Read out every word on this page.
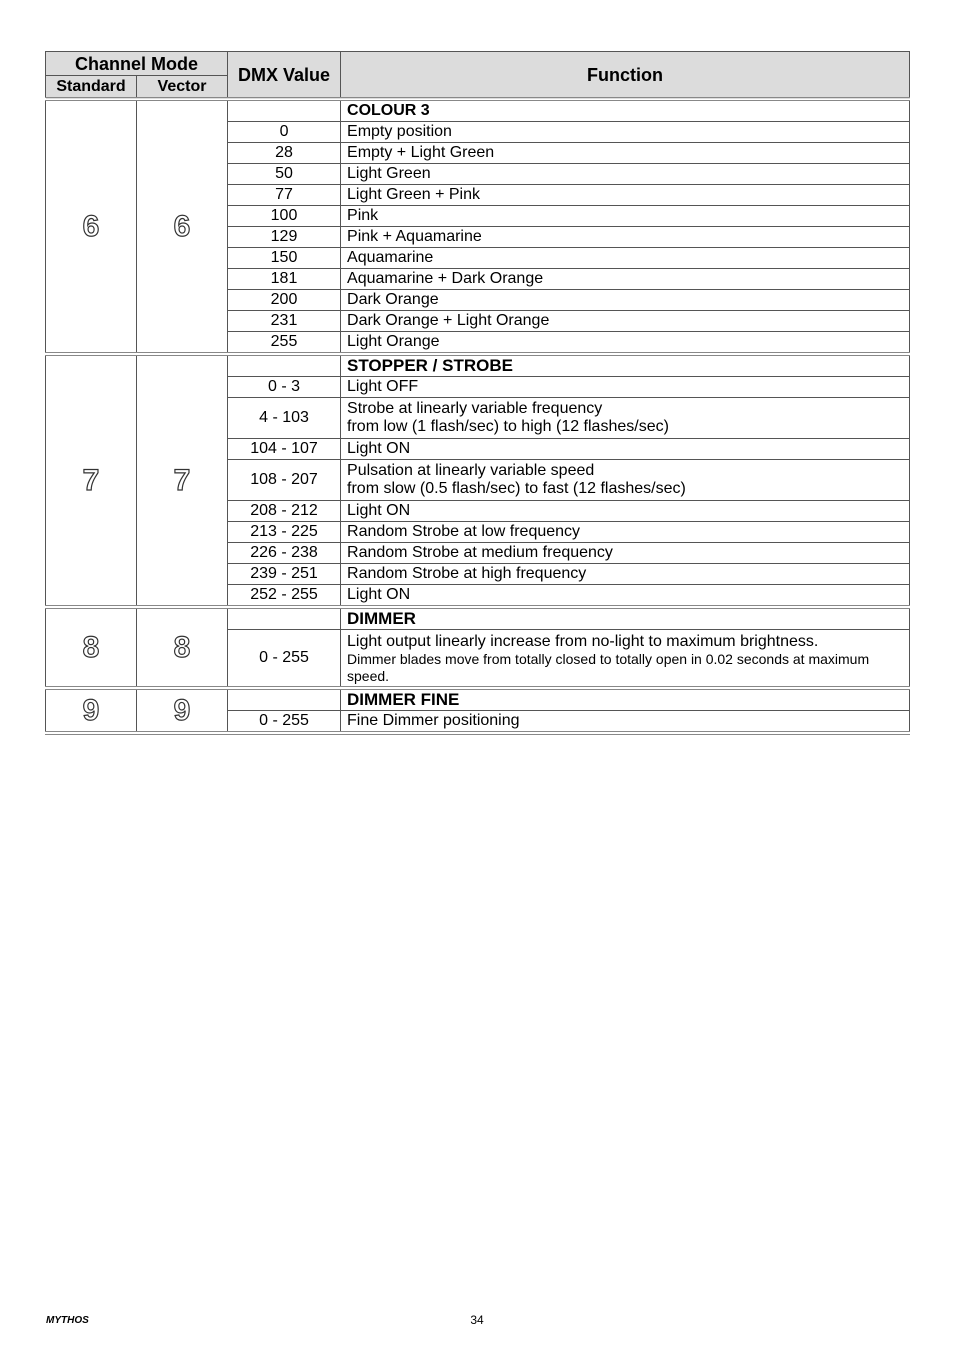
Channel Mode		DMX Value	Function
Standard	Vector		
6	6		COLOUR 3
		0	Empty position
		28	Empty + Light Green
		50	Light Green
		77	Light Green + Pink
		100	Pink
		129	Pink + Aquamarine
		150	Aquamarine
		181	Aquamarine + Dark Orange
		200	Dark Orange
		231	Dark Orange + Light Orange
		255	Light Orange
7	7		STOPPER / STROBE
		0 - 3	Light OFF
		4 - 103	Strobe at linearly variable frequency
from low (1 flash/sec) to high (12 flashes/sec)

		104 - 107	Light ON
		108 - 207	Pulsation at linearly variable speed
from slow (0.5 flash/sec) to fast (12 flashes/sec)

		208 - 212	Light ON
		213 - 225	Random Strobe at low frequency
		226 - 238	Random Strobe at medium frequency
		239 - 251	Random Strobe at high frequency
		252 - 255	Light ON
8	8		DIMMER
		0 - 255	Light output linearly increase from no-light to maximum brightness.
Dimmer blades move from totally closed to totally open in 0.02 seconds at maximum speed.

9	9		DIMMER FINE
		0 - 255	Fine Dimmer positioning
MYTHOS	34
